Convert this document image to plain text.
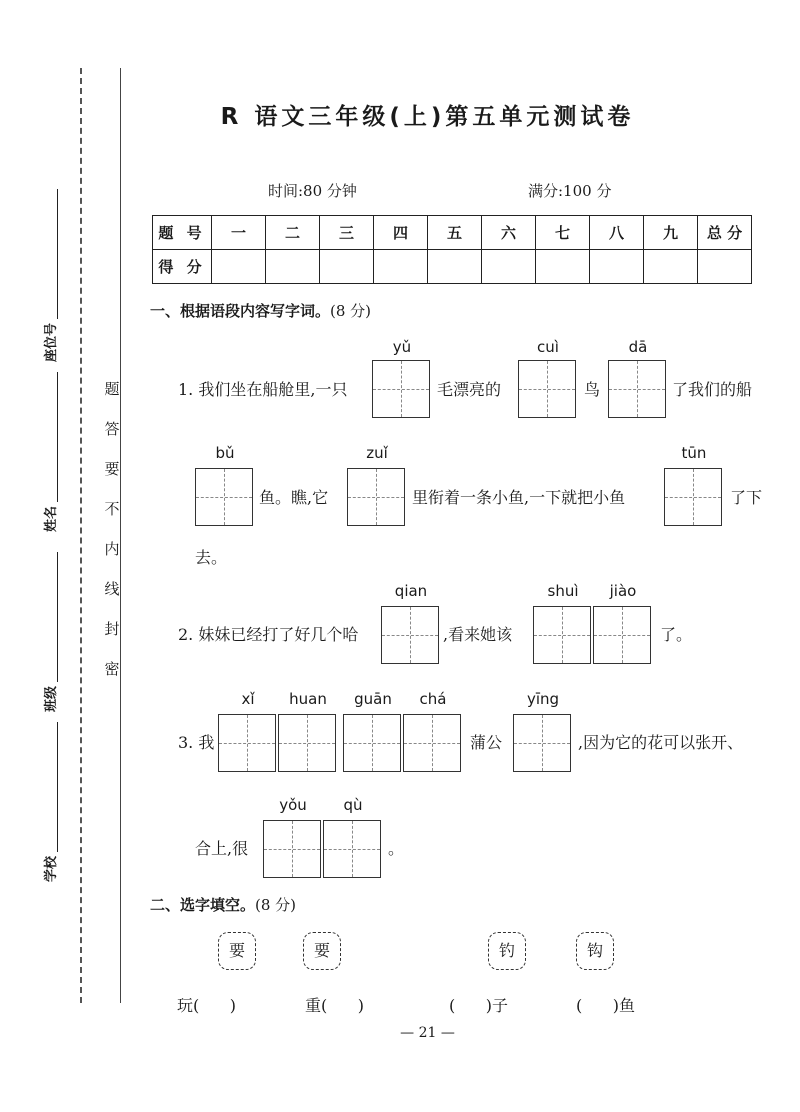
座位号
姓名
班级
学校
题
答
要
不
内
线
封
密
R 语文三年级(上)第五单元测试卷
时间:80 分钟	满分:100 分
题 号	一	二	三	四	五	六	七	八	九	总 分
得 分										
一、根据语段内容写字词。(8 分)
1. 我们坐在船舱里,一只
yǔ
毛漂亮的
cuì
鸟
dā
了我们的船
bǔ
鱼。瞧,它
zuǐ
里衔着一条小鱼,一下就把小鱼
tūn
了下
去。
2. 妹妹已经打了好几个哈
qian
,看来她该
shuì	jiào
了。
3. 我
xǐ	huan	guān	chá
蒲公
yīng
,因为它的花可以张开、
合上,很
yǒu	qù
。
二、选字填空。(8 分)
要	要	钓	钩
玩(      )	重(      )	(      )子	(      )鱼
— 21 —
